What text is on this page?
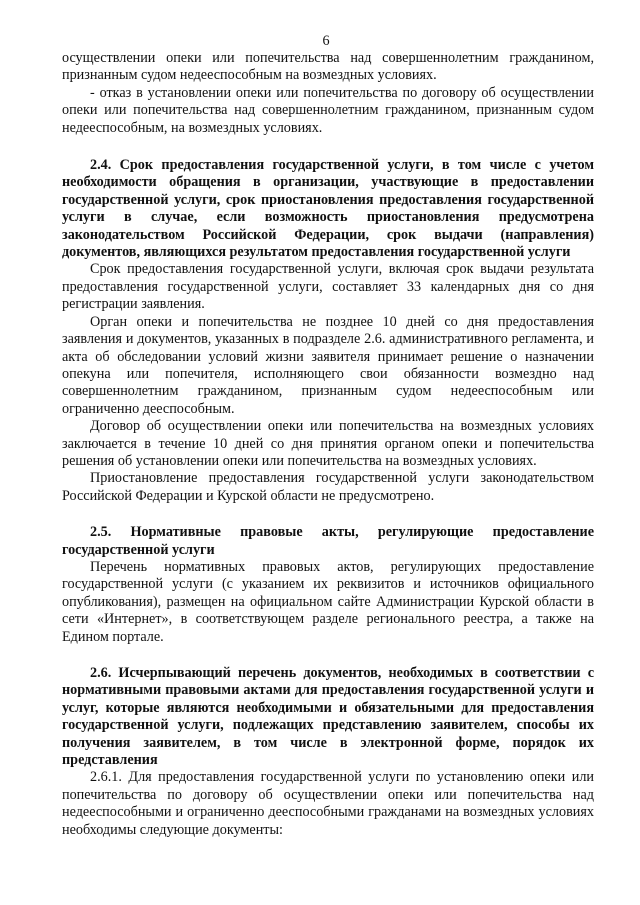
6

осуществлении опеки или попечительства над совершеннолетним гражданином, признанным судом недееспособным на возмездных условиях.

- отказ в установлении опеки или попечительства по договору об осуществлении опеки или попечительства над совершеннолетним гражданином, признанным судом недееспособным, на возмездных условиях.

2.4. Срок предоставления государственной услуги, в том числе с учетом необходимости обращения в организации, участвующие в предоставлении государственной услуги, срок приостановления предоставления государственной услуги в случае, если возможность приостановления предусмотрена законодательством Российской Федерации, срок выдачи (направления) документов, являющихся результатом предоставления государственной услуги

Срок предоставления государственной услуги, включая срок выдачи результата предоставления государственной услуги, составляет 33 календарных дня со дня регистрации заявления.

Орган опеки и попечительства не позднее 10 дней со дня предоставления заявления и документов, указанных в подразделе 2.6. административного регламента, и акта об обследовании условий жизни заявителя принимает решение о назначении опекуна или попечителя, исполняющего свои обязанности возмездно над совершеннолетним гражданином, признанным судом недееспособным или ограниченно дееспособным.

Договор об осуществлении опеки или попечительства на возмездных условиях заключается в течение 10 дней со дня принятия органом опеки и попечительства решения об установлении опеки или попечительства на возмездных условиях.

Приостановление предоставления государственной услуги законодательством Российской Федерации и Курской области не предусмотрено.

2.5. Нормативные правовые акты, регулирующие предоставление государственной услуги

Перечень нормативных правовых актов, регулирующих предоставление государственной услуги (с указанием их реквизитов и источников официального опубликования), размещен на официальном сайте Администрации Курской области в сети «Интернет», в соответствующем разделе регионального реестра, а также на Едином портале.

2.6. Исчерпывающий перечень документов, необходимых в соответствии с нормативными правовыми актами для предоставления государственной услуги и услуг, которые являются необходимыми и обязательными для предоставления государственной услуги, подлежащих представлению заявителем, способы их получения заявителем, в том числе в электронной форме, порядок их представления

2.6.1. Для предоставления государственной услуги по установлению опеки или попечительства по договору об осуществлении опеки или попечительства над недееспособными и ограниченно дееспособными гражданами на возмездных условиях необходимы следующие документы:
